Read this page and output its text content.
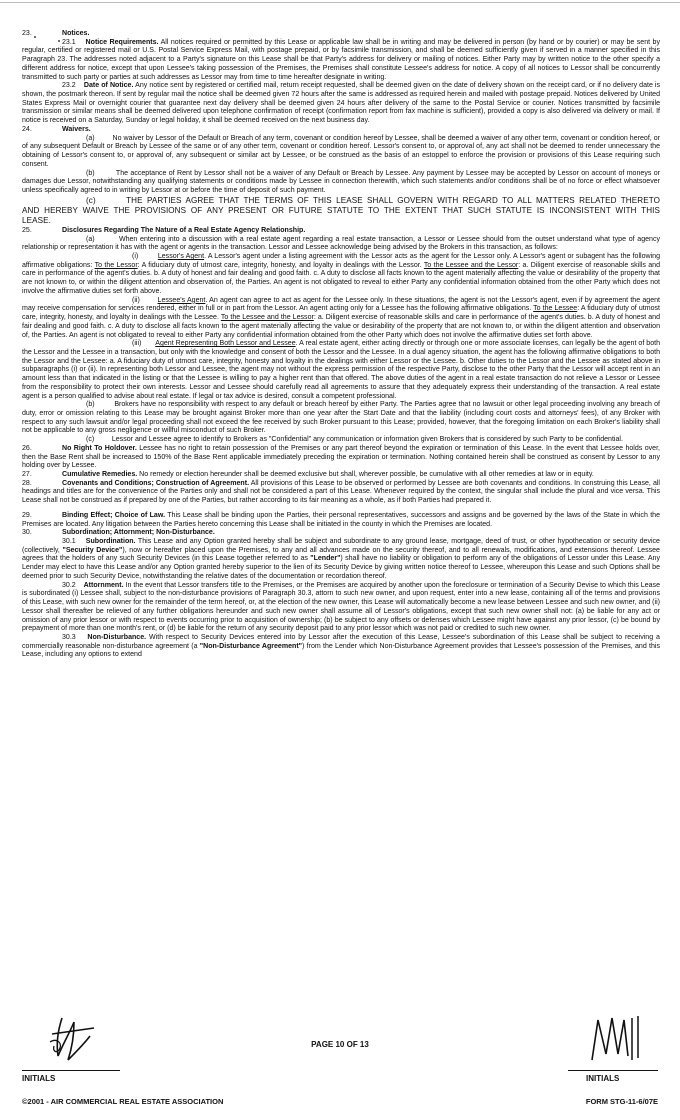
23.	Notices.

23.1 Notice Requirements. All notices required or permitted by this Lease or applicable law shall be in writing and may be delivered in person (by hand or by courier) or may be sent by regular, certified or registered mail or U.S. Postal Service Express Mail, with postage prepaid, or by facsimile transmission, and shall be deemed sufficiently given if served in a manner specified in this Paragraph 23. The addresses noted adjacent to a Party's signature on this Lease shall be that Party's address for delivery or mailing of notices. Either Party may by written notice to the other specify a different address for notice, except that upon Lessee's taking possession of the Premises, the Premises shall constitute Lessee's address for notice. A copy of all notices to Lessor shall be concurrently transmitted to such party or parties at such addresses as Lessor may from time to time hereafter designate in writing.

23.2 Date of Notice. Any notice sent by registered or certified mail, return receipt requested, shall be deemed given on the date of delivery shown on the receipt card, or if no delivery date is shown, the postmark thereon. If sent by regular mail the notice shall be deemed given 72 hours after the same is addressed as required herein and mailed with postage prepaid. Notices delivered by United States Express Mail or overnight courier that guarantee next day delivery shall be deemed given 24 hours after delivery of the same to the Postal Service or courier. Notices transmitted by facsimile transmission or similar means shall be deemed delivered upon telephone confirmation of receipt (confirmation report from fax machine is sufficient), provided a copy is also delivered via delivery or mail. If notice is received on a Saturday, Sunday or legal holiday, it shall be deemed received on the next business day.

24.	Waivers.

(a)	No waiver by Lessor of the Default or Breach of any term, covenant or condition hereof by Lessee, shall be deemed a waiver of any other term, covenant or condition hereof, or of any subsequent Default or Breach by Lessee of the same or of any other term, covenant or condition hereof. Lessor's consent to, or approval of, any act shall not be deemed to render unnecessary the obtaining of Lessor's consent to, or approval of, any subsequent or similar act by Lessee, or be construed as the basis of an estoppel to enforce the provision or provisions of this Lease requiring such consent.

(b)	The acceptance of Rent by Lessor shall not be a waiver of any Default or Breach by Lessee. Any payment by Lessee may be accepted by Lessor on account of moneys or damages due Lessor, notwithstanding any qualifying statements or conditions made by Lessee in connection therewith, which such statements and/or conditions shall be of no force or effect whatsoever unless specifically agreed to in writing by Lessor at or before the time of deposit of such payment.

(c)	THE PARTIES AGREE THAT THE TERMS OF THIS LEASE SHALL GOVERN WITH REGARD TO ALL MATTERS RELATED THERETO AND HEREBY WAIVE THE PROVISIONS OF ANY PRESENT OR FUTURE STATUTE TO THE EXTENT THAT SUCH STATUTE IS INCONSISTENT WITH THIS LEASE.

25.	Disclosures Regarding The Nature of a Real Estate Agency Relationship.

(a)	When entering into a discussion with a real estate agent regarding a real estate transaction, a Lessor or Lessee should from the outset understand what type of agency relationship or representation it has with the agent or agents in the transaction. Lessor and Lessee acknowledge being advised by the Brokers in this transaction, as follows:

(i)	Lessor's Agent. A Lessor's agent under a listing agreement with the Lessor acts as the agent for the Lessor only. A Lessor's agent or subagent has the following affirmative obligations: To the Lessor: A fiduciary duty of utmost care, integrity, honesty, and loyalty in dealings with the Lessor. To the Lessee and the Lessor: a. Diligent exercise of reasonable skills and care in performance of the agent's duties. b. A duty of honest and fair dealing and good faith. c. A duty to disclose all facts known to the agent materially affecting the value or desirability of the property that are not known to, or within the diligent attention and observation of, the Parties. An agent is not obligated to reveal to either Party any confidential information obtained from the other Party which does not involve the affirmative duties set forth above.

(ii)	Lessee's Agent. An agent can agree to act as agent for the Lessee only. In these situations, the agent is not the Lessor's agent, even if by agreement the agent may receive compensation for services rendered, either in full or in part from the Lessor. An agent acting only for a Lessee has the following affirmative obligations. To the Lessee: A fiduciary duty of utmost care, integrity, honesty, and loyalty in dealings with the Lessee. To the Lessee and the Lessor: a. Diligent exercise of reasonable skills and care in performance of the agent's duties. b. A duty of honest and fair dealing and good faith. c. A duty to disclose all facts known to the agent materially affecting the value or desirability of the property that are not known to, or within the diligent attention and observation of, the Parties. An agent is not obligated to reveal to either Party any confidential information obtained from the other Party which does not involve the affirmative duties set forth above.

(iii) Agent Representing Both Lessor and Lessee. A real estate agent, either acting directly or through one or more associate licenses, can legally be the agent of both the Lessor and the Lessee in a transaction, but only with the knowledge and consent of both the Lessor and the Lessee. In a dual agency situation, the agent has the following affirmative obligations to both the Lessor and the Lessee: a. A fiduciary duty of utmost care, integrity, honesty and loyalty in the dealings with either Lessor or the Lessee. b. Other duties to the Lessor and the Lessee as stated above in subparagraphs (i) or (ii). In representing both Lessor and Lessee, the agent may not without the express permission of the respective Party, disclose to the other Party that the Lessor will accept rent in an amount less than that indicated in the listing or that the Lessee is willing to pay a higher rent than that offered. The above duties of the agent in a real estate transaction do not relieve a Lessor or Lessee from the responsibility to protect their own interests. Lessor and Lessee should carefully read all agreements to assure that they adequately express their understanding of the transaction. A real estate agent is a person qualified to advise about real estate. If legal or tax advice is desired, consult a competent professional.

(b)	Brokers have no responsibility with respect to any default or breach hereof by either Party. The Parties agree that no lawsuit or other legal proceeding involving any breach of duty, error or omission relating to this Lease may be brought against Broker more than one year after the Start Date and that the liability (including court costs and attorneys' fees), of any Broker with respect to any such lawsuit and/or legal proceeding shall not exceed the fee received by such Broker pursuant to this Lease; provided, however, that the foregoing limitation on each Broker's liability shall not be applicable to any gross negligence or willful misconduct of such Broker.

(c)	Lessor and Lessee agree to identify to Brokers as "Confidential" any communication or information given Brokers that is considered by such Party to be confidential.

26.	No Right To Holdover. Lessee has no right to retain possession of the Premises or any part thereof beyond the expiration or termination of this Lease. In the event that Lessee holds over, then the Base Rent shall be increased to 150% of the Base Rent applicable immediately preceding the expiration or termination. Nothing contained herein shall be construed as consent by Lessor to any holding over by Lessee.

27.	Cumulative Remedies. No remedy or election hereunder shall be deemed exclusive but shall, wherever possible, be cumulative with all other remedies at law or in equity.

28.	Covenants and Conditions; Construction of Agreement. All provisions of this Lease to be observed or performed by Lessee are both covenants and conditions. In construing this Lease, all headings and titles are for the convenience of the Parties only and shall not be considered a part of this Lease. Whenever required by the context, the singular shall include the plural and vice versa. This Lease shall not be construed as if prepared by one of the Parties, but rather according to its fair meaning as a whole, as if both Parties had prepared it.

29.	Binding Effect; Choice of Law. This Lease shall be binding upon the Parties, their personal representatives, successors and assigns and be governed by the laws of the State in which the Premises are located. Any litigation between the Parties hereto concerning this Lease shall be initiated in the county in which the Premises are located.

30.	Subordination; Attornment; Non-Disturbance.

30.1 Subordination. This Lease and any Option granted hereby shall be subject and subordinate to any ground lease, mortgage, deed of trust, or other hypothecation or security device (collectively, "Security Device"), now or hereafter placed upon the Premises, to any and all advances made on the security thereof, and to all renewals, modifications, and extensions thereof. Lessee agrees that the holders of any such Security Devices (in this Lease together referred to as "Lender") shall have no liability or obligation to perform any of the obligations of Lessor under this Lease. Any Lender may elect to have this Lease and/or any Option granted hereby superior to the lien of its Security Device by giving written notice thereof to Lessee, whereupon this Lease and such Options shall be deemed prior to such Security Device, notwithstanding the relative dates of the documentation or recordation thereof.

30.2 Attornment. In the event that Lessor transfers title to the Premises, or the Premises are acquired by another upon the foreclosure or termination of a Security Devise to which this Lease is subordinated (i) Lessee shall, subject to the non-disturbance provisions of Paragraph 30.3, attorn to such new owner, and upon request, enter into a new lease, containing all of the terms and provisions of this Lease, with such new owner for the remainder of the term hereof, or, at the election of the new owner, this Lease will automatically become a new lease between Lessee and such new owner, and (ii) Lessor shall thereafter be relieved of any further obligations hereunder and such new owner shall assume all of Lessor's obligations, except that such new owner shall not: (a) be liable for any act or omission of any prior lessor or with respect to events occurring prior to acquisition of ownership; (b) be subject to any offsets or defenses which Lessee might have against any prior lessor, (c) be bound by prepayment of more than one month's rent, or (d) be liable for the return of any security deposit paid to any prior lessor which was not paid or credited to such new owner.

30.3 Non-Disturbance. With respect to Security Devices entered into by Lessor after the execution of this Lease, Lessee's subordination of this Lease shall be subject to receiving a commercially reasonable non-disturbance agreement (a "Non-Disturbance Agreement") from the Lender which Non-Disturbance Agreement provides that Lessee's possession of the Premises, and this Lease, including any options to extend

INITIALS
PAGE 10 OF 13
INITIALS
©2001 - AIR COMMERCIAL REAL ESTATE ASSOCIATION	FORM STG-11-6/07E
